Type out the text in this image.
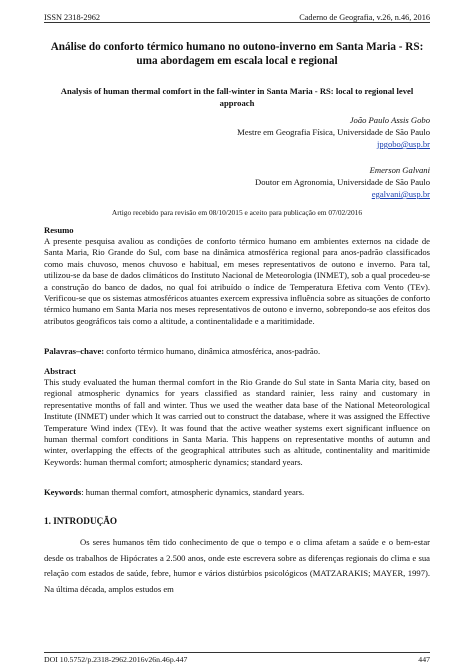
ISSN 2318-2962	Caderno de Geografia, v.26, n.46, 2016
Análise do conforto térmico humano no outono-inverno em Santa Maria - RS: uma abordagem em escala local e regional
Analysis of human thermal comfort in the fall-winter in Santa Maria - RS: local to regional level approach
João Paulo Assis Gobo
Mestre em Geografia Física, Universidade de São Paulo
jpgobo@usp.br
Emerson Galvani
Doutor em Agronomia, Universidade de São Paulo
egalvani@usp.br
Artigo recebido para revisão em 08/10/2015 e aceito para publicação em 07/02/2016
Resumo
A presente pesquisa avaliou as condições de conforto térmico humano em ambientes externos na cidade de Santa Maria, Rio Grande do Sul, com base na dinâmica atmosférica regional para anos-padrão classificados como mais chuvoso, menos chuvoso e habitual, em meses representativos de outono e inverno. Para tal, utilizou-se da base de dados climáticos do Instituto Nacional de Meteorologia (INMET), sob a qual procedeu-se a construção do banco de dados, no qual foi atribuído o índice de Temperatura Efetiva com Vento (TEv). Verificou-se que os sistemas atmosféricos atuantes exercem expressiva influência sobre as situações de conforto térmico humano em Santa Maria nos meses representativos de outono e inverno, sobrepondo-se aos efeitos dos atributos geográficos tais como a altitude, a continentalidade e a maritimidade.
Palavras–chave: conforto térmico humano, dinâmica atmosférica, anos-padrão.
Abstract
This study evaluated the human thermal comfort in the Rio Grande do Sul state in Santa Maria city, based on regional atmospheric dynamics for years classified as standard rainier, less rainy and customary in representative months of fall and winter. Thus we used the weather data base of the National Meteorological Institute (INMET) under which It was carried out to construct the database, where it was assigned the Effective Temperature Wind index (TEv). It was found that the active weather systems exert significant influence on human thermal comfort conditions in Santa Maria. This happens on representative months of autumn and winter, overlapping the effects of the geographical attributes such as altitude, continentality and maritimide Keywords: human thermal comfort; atmospheric dynamics; standard years.
Keywords: human thermal comfort, atmospheric dynamics, standard years.
1. INTRODUÇÃO
Os seres humanos têm tido conhecimento de que o tempo e o clima afetam a saúde e o bem-estar desde os trabalhos de Hipócrates a 2.500 anos, onde este escrevera sobre as diferenças regionais do clima e sua relação com estados de saúde, febre, humor e vários distúrbios psicológicos (MATZARAKIS; MAYER, 1997). Na última década, amplos estudos em
DOI 10.5752/p.2318-2962.2016v26n.46p.447	447
